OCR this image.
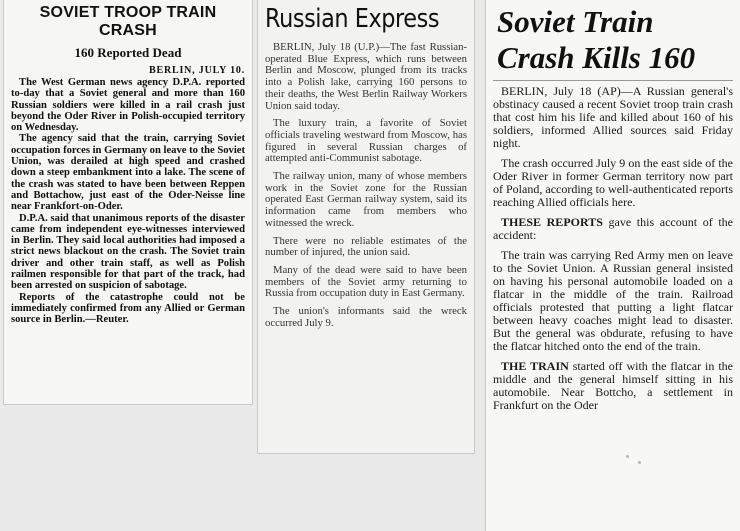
SOVIET TROOP TRAIN CRASH
160 Reported Dead
BERLIN, JULY 10.

The West German news agency D.P.A. reported to-day that a Soviet general and more than 160 Russian soldiers were killed in a rail crash just beyond the Oder River in Polish-occupied territory on Wednesday.

The agency said that the train, carrying Soviet occupation forces in Germany on leave to the Soviet Union, was derailed at high speed and crashed down a steep embankment into a lake. The scene of the crash was stated to have been between Reppen and Bottachow, just east of the Oder-Neisse line near Frankfort-on-Oder.

D.P.A. said that unanimous reports of the disaster came from independent eye-witnesses interviewed in Berlin. They said local authorities had imposed a strict news blackout on the crash. The Soviet train driver and other train staff, as well as Polish railmen responsible for that part of the track, had been arrested on suspicion of sabotage.

Reports of the catastrophe could not be immediately confirmed from any Allied or German source in Berlin.—Reuter.

Russian Express

BERLIN, July 18 (U.P.)—The fast Russian-operated Blue Express, which runs between Berlin and Moscow, plunged from its tracks into a Polish lake, carrying 160 persons to their deaths, the West Berlin Railway Workers Union said today.

The luxury train, a favorite of Soviet officials traveling westward from Moscow, has figured in several Russian charges of attempted anti-Communist sabotage.

The railway union, many of whose members work in the Soviet zone for the Russian operated East German railway system, said its information came from members who witnessed the wreck.

There were no reliable estimates of the number of injured, the union said.

Many of the dead were said to have been members of the Soviet army returning to Russia from occupation duty in East Germany.

The union's informants said the wreck occurred July 9.

Soviet Train
Crash Kills 160

BERLIN, July 18 (AP)—A Russian general's obstinacy caused a recent Soviet troop train crash that cost him his life and killed about 160 of his soldiers, informed Allied sources said Friday night.

The crash occurred July 9 on the east side of the Oder River in former German territory now part of Poland, according to well-authenticated reports reaching Allied officials here.

THESE REPORTS gave this account of the accident:

The train was carrying Red Army men on leave to the Soviet Union. A Russian general insisted on having his personal automobile loaded on a flatcar in the middle of the train. Railroad officials protested that putting a light flatcar between heavy coaches might lead to disaster. But the general was obdurate, refusing to have the flatcar hitched onto the end of the train.

THE TRAIN started off with the flatcar in the middle and the general himself sitting in his automobile. Near Bottcho, a settlement in Frankfurt on the Oder
